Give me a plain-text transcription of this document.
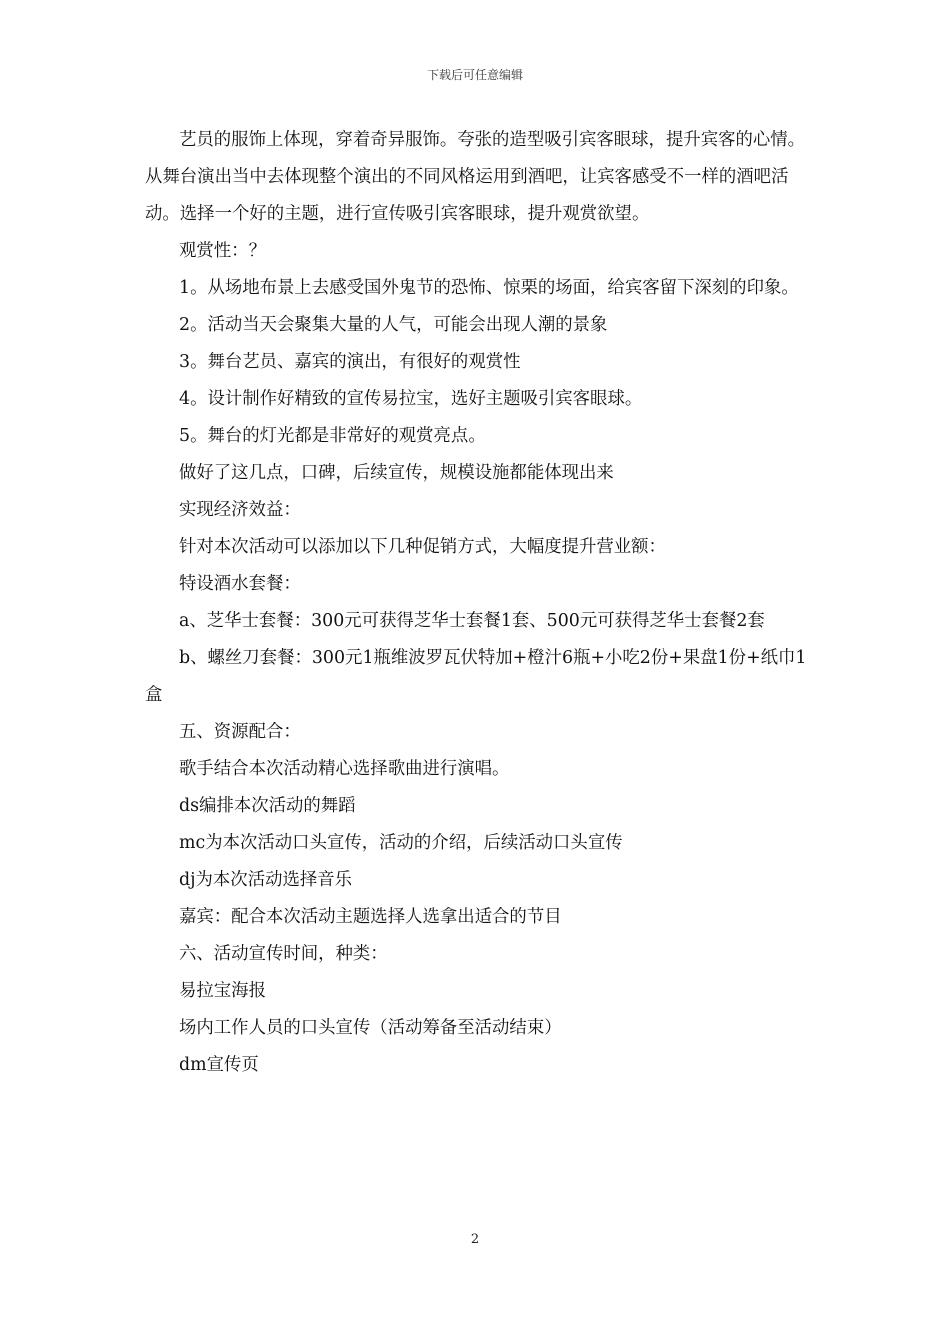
下载后可任意编辑

艺员的服饰上体现，穿着奇异服饰。夸张的造型吸引宾客眼球，提升宾客的心情。从舞台演出当中去体现整个演出的不同风格运用到酒吧，让宾客感受不一样的酒吧活动。选择一个好的主题，进行宣传吸引宾客眼球，提升观赏欲望。

观赏性：？

1。从场地布景上去感受国外鬼节的恐怖、惊栗的场面，给宾客留下深刻的印象。

2。活动当天会聚集大量的人气，可能会出现人潮的景象

3。舞台艺员、嘉宾的演出，有很好的观赏性

4。设计制作好精致的宣传易拉宝，选好主题吸引宾客眼球。

5。舞台的灯光都是非常好的观赏亮点。

做好了这几点，口碑，后续宣传，规模设施都能体现出来

实现经济效益：

针对本次活动可以添加以下几种促销方式，大幅度提升营业额：

特设酒水套餐：

a、芝华士套餐：300元可获得芝华士套餐1套、500元可获得芝华士套餐2套

b、螺丝刀套餐：300元1瓶维波罗瓦伏特加+橙汁6瓶+小吃2份+果盘1份+纸巾1盒

五、资源配合：

歌手结合本次活动精心选择歌曲进行演唱。

ds编排本次活动的舞蹈

mc为本次活动口头宣传，活动的介绍，后续活动口头宣传

dj为本次活动选择音乐

嘉宾：配合本次活动主题选择人选拿出适合的节目

六、活动宣传时间，种类：

易拉宝海报

场内工作人员的口头宣传（活动筹备至活动结束）

dm宣传页

2
